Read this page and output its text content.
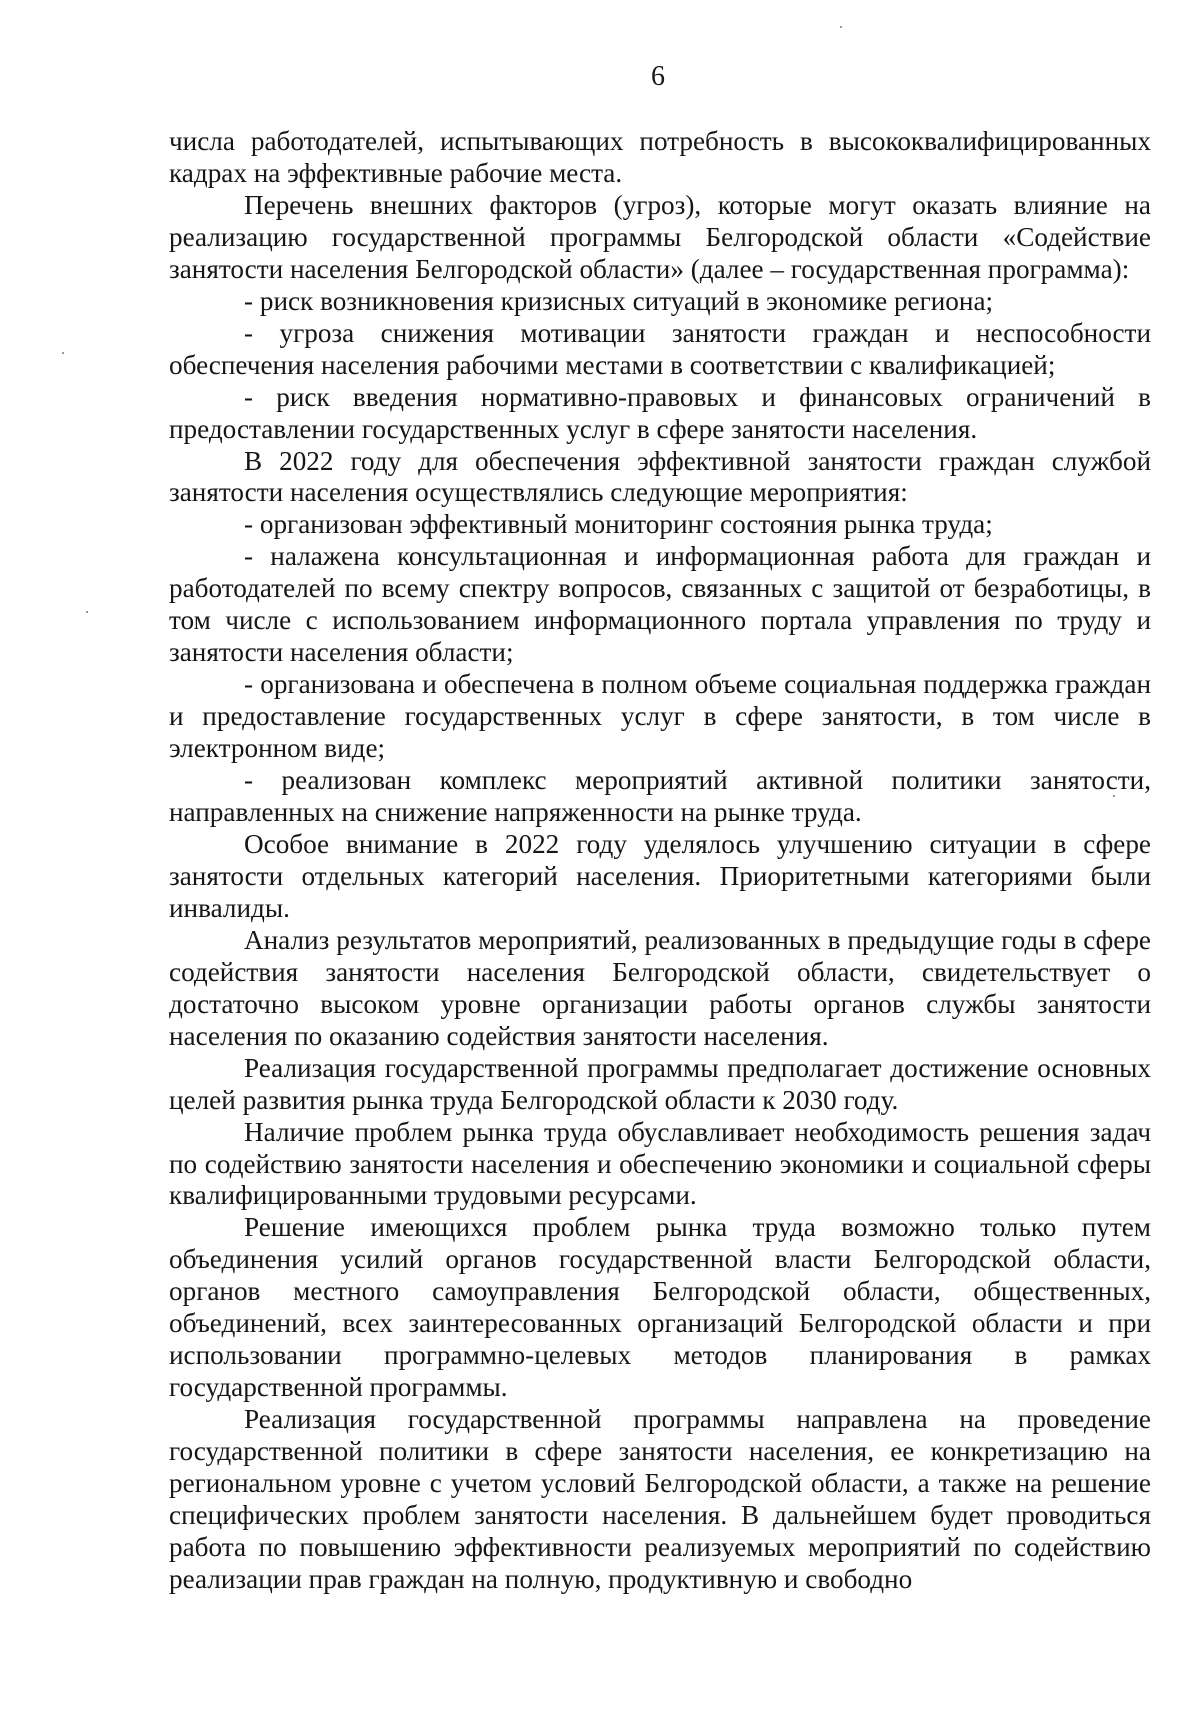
6

числа работодателей, испытывающих потребность в высококвалифицированных кадрах на эффективные рабочие места.

Перечень внешних факторов (угроз), которые могут оказать влияние на реализацию государственной программы Белгородской области «Содействие занятости населения Белгородской области» (далее – государственная программа):

- риск возникновения кризисных ситуаций в экономике региона;

- угроза снижения мотивации занятости граждан и неспособности обеспечения населения рабочими местами в соответствии с квалификацией;

- риск введения нормативно-правовых и финансовых ограничений в предоставлении государственных услуг в сфере занятости населения.

В 2022 году для обеспечения эффективной занятости граждан службой занятости населения осуществлялись следующие мероприятия:

- организован эффективный мониторинг состояния рынка труда;

- налажена консультационная и информационная работа для граждан и работодателей по всему спектру вопросов, связанных с защитой от безработицы, в том числе с использованием информационного портала управления по труду и занятости населения области;

- организована и обеспечена в полном объеме социальная поддержка граждан и предоставление государственных услуг в сфере занятости, в том числе в электронном виде;

- реализован комплекс мероприятий активной политики занятости, направленных на снижение напряженности на рынке труда.

Особое внимание в 2022 году уделялось улучшению ситуации в сфере занятости отдельных категорий населения. Приоритетными категориями были инвалиды.

Анализ результатов мероприятий, реализованных в предыдущие годы в сфере содействия занятости населения Белгородской области, свидетельствует о достаточно высоком уровне организации работы органов службы занятости населения по оказанию содействия занятости населения.

Реализация государственной программы предполагает достижение основных целей развития рынка труда Белгородской области к 2030 году.

Наличие проблем рынка труда обуславливает необходимость решения задач по содействию занятости населения и обеспечению экономики и социальной сферы квалифицированными трудовыми ресурсами.

Решение имеющихся проблем рынка труда возможно только путем объединения усилий органов государственной власти Белгородской области, органов местного самоуправления Белгородской области, общественных, объединений, всех заинтересованных организаций Белгородской области и при использовании программно-целевых методов планирования в рамках государственной программы.

Реализация государственной программы направлена на проведение государственной политики в сфере занятости населения, ее конкретизацию на региональном уровне с учетом условий Белгородской области, а также на решение специфических проблем занятости населения. В дальнейшем будет проводиться работа по повышению эффективности реализуемых мероприятий по содействию реализации прав граждан на полную, продуктивную и свободно
